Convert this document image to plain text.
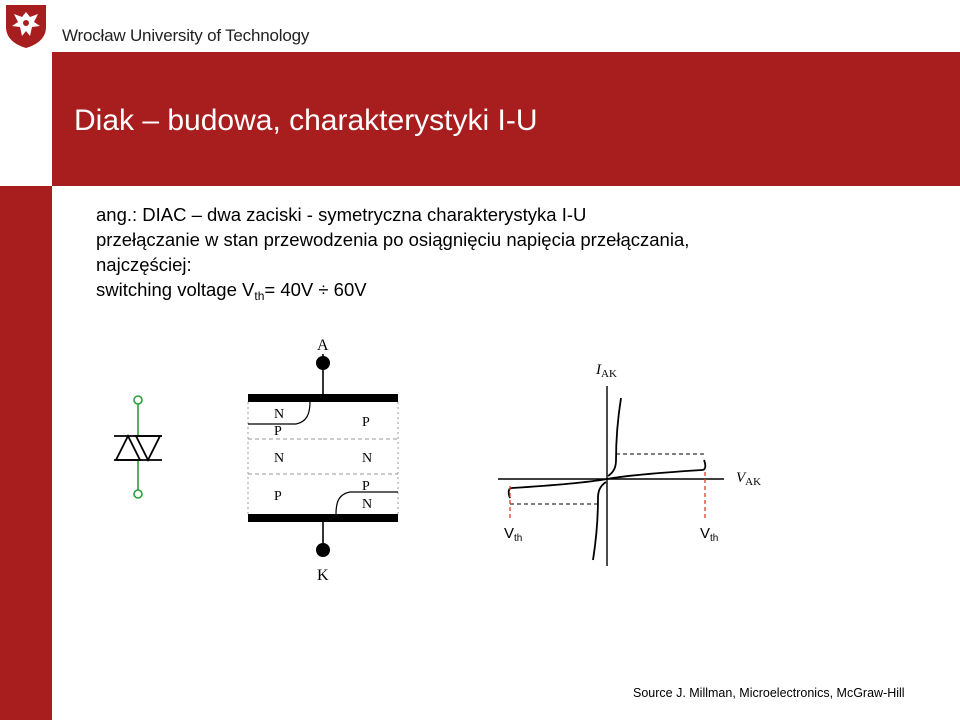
Wrocław University of Technology
Diak – budowa, charakterystyki I-U
ang.: DIAC – dwa zaciski - symetryczna charakterystyka I-U
przełączanie w stan przewodzenia po osiągnięciu napięcia przełączania,
najczęściej:
switching voltage $V_{th}= 40V \div 60V$
A
K
N
P
N
P
P
N
P
N
$I_{AK}$
$V_{AK}$
$V_{th}$	$V_{th}$
Source J. Millman, Microelectronics, McGraw-Hill
